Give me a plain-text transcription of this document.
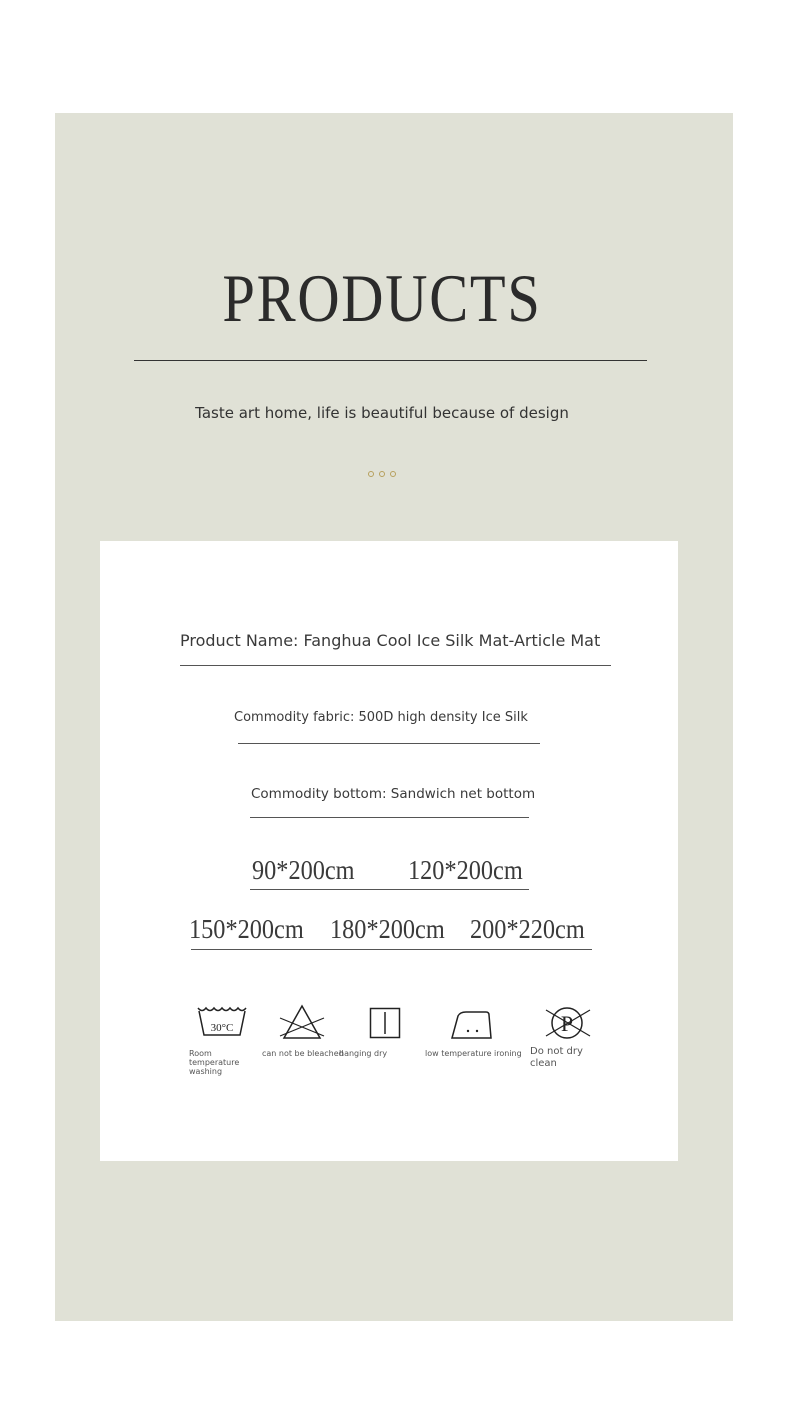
PRODUCTS
Taste art home, life is beautiful because of design
Product Name: Fanghua Cool Ice Silk Mat-Article Mat
Commodity fabric: 500D high density Ice Silk
Commodity bottom: Sandwich net bottom
90*200cm 120*200cm
150*200cm 180*200cm 200*220cm
30°C	P
Room temperature washing
can not be bleached
hanging dry	low temperature ironing Do not dry clean
